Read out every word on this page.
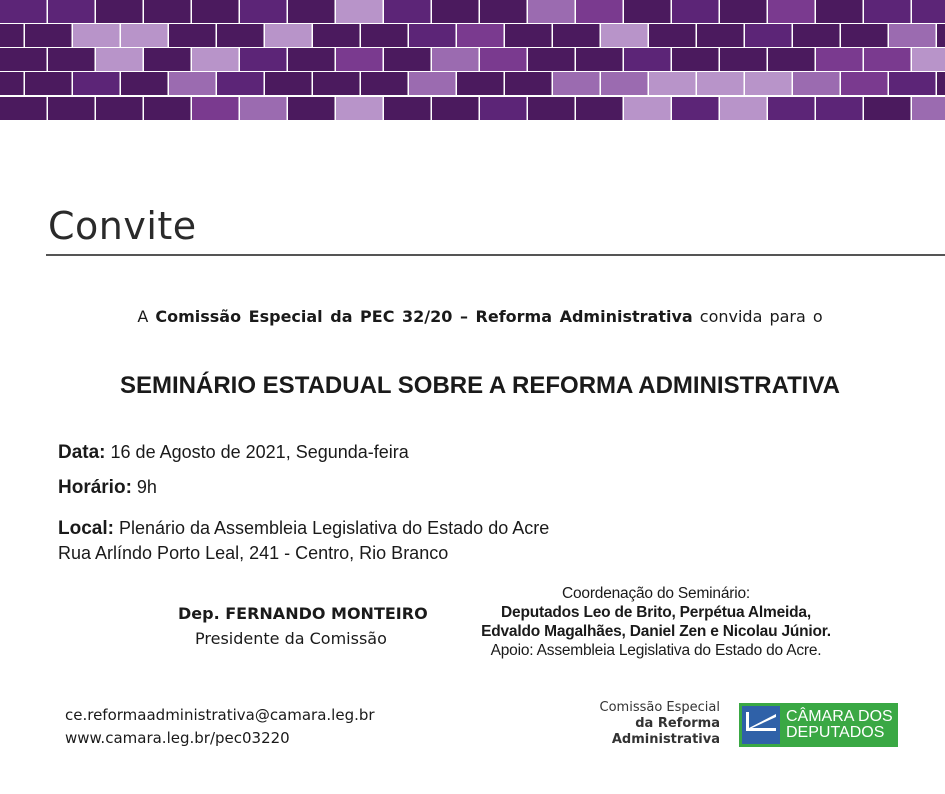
Convite
A Comissão Especial da PEC 32/20 – Reforma Administrativa convida para o
SEMINÁRIO ESTADUAL SOBRE A REFORMA ADMINISTRATIVA
Data: 16 de Agosto de 2021, Segunda-feira
Horário: 9h
Local: Plenário da Assembleia Legislativa do Estado do Acre
Rua Arlíndo Porto Leal, 241 - Centro, Rio Branco
Dep. FERNANDO MONTEIRO
Presidente da Comissão
Coordenação do Seminário:
Deputados Leo de Brito, Perpétua Almeida,
Edvaldo Magalhães, Daniel Zen e Nicolau Júnior.
Apoio: Assembleia Legislativa do Estado do Acre.
ce.reformaadministrativa@camara.leg.br
www.camara.leg.br/pec03220
Comissão Especial
da Reforma
Administrativa
CÂMARA DOS
DEPUTADOS
